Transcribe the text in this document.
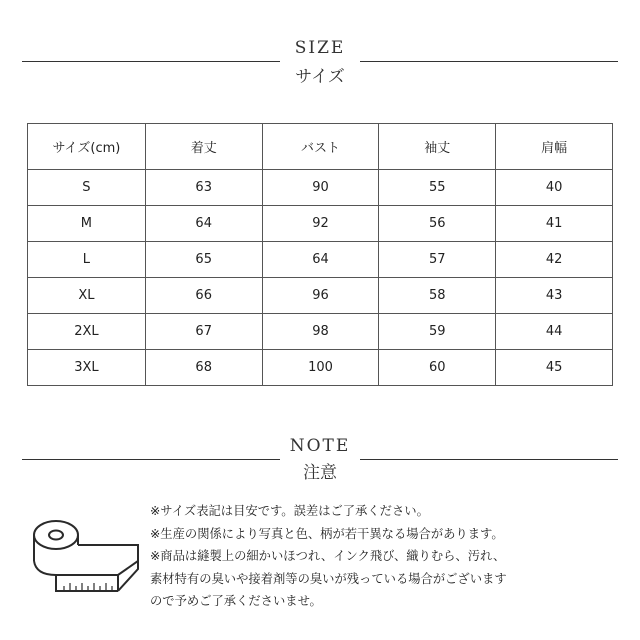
SIZE
サイズ
サイズ(cm)	着丈	バスト	袖丈	肩幅
S	63	90	55	40
M	64	92	56	41
L	65	64	57	42
XL	66	96	58	43
2XL	67	98	59	44
3XL	68	100	60	45
NOTE
注意
※サイズ表記は目安です。誤差はご了承ください。
※生産の関係により写真と色、柄が若干異なる場合があります。
※商品は縫製上の細かいほつれ、インク飛び、織りむら、汚れ、
素材特有の臭いや接着剤等の臭いが残っている場合がございます
ので予めご了承くださいませ。
